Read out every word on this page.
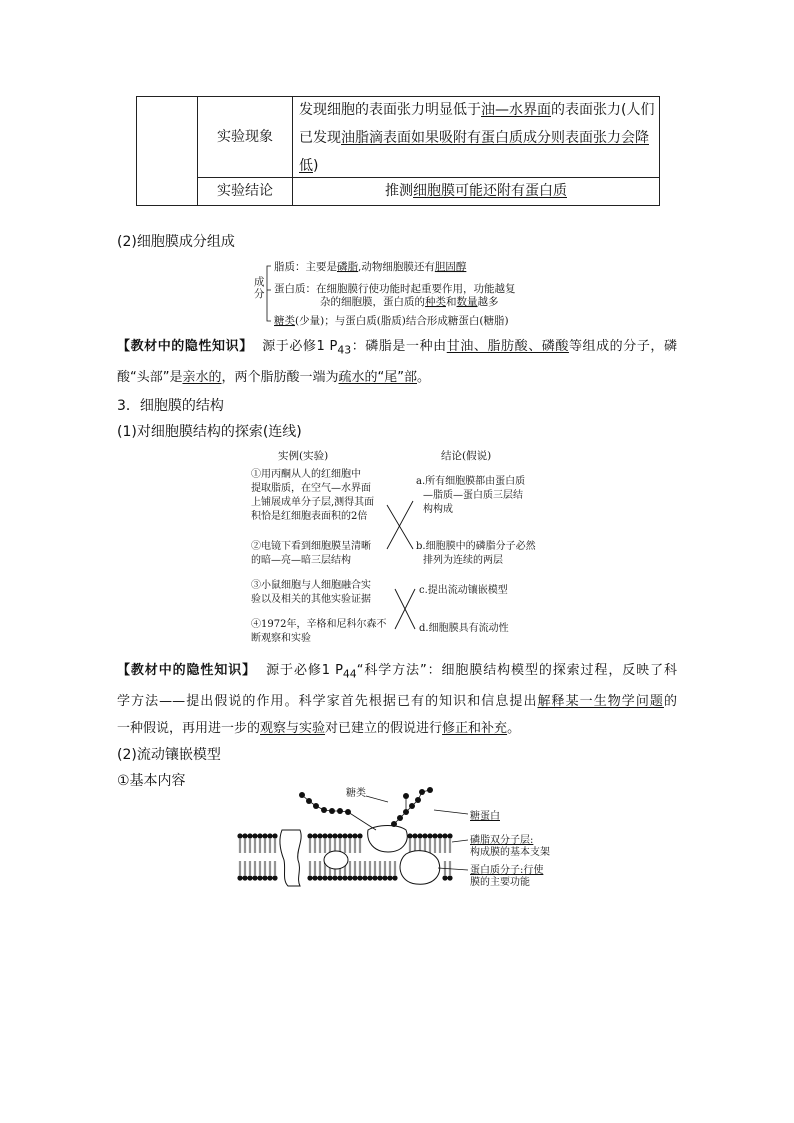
实验现象
发现细胞的表面张力明显低于油—水界面的表面张力(人们
已发现油脂滴表面如果吸附有蛋白质成分则表面张力会降
低)
实验结论	推测细胞膜可能还附有蛋白质
(2)细胞膜成分组成
成
分
脂质：主要是磷脂,动物细胞膜还有胆固醇
蛋白质：在细胞膜行使功能时起重要作用，功能越复
杂的细胞膜，蛋白质的种类和数量越多
糖类(少量)；与蛋白质(脂质)结合形成糖蛋白(糖脂)
【教材中的隐性知识】 源于必修1 $P_{43}$：磷脂是一种由甘油、脂肪酸、磷酸等组成的分子，磷
酸“头部”是亲水的，两个脂肪酸一端为疏水的“尾”部。
3．细胞膜的结构
(1)对细胞膜结构的探索(连线)
实例(实验)	结论(假说)
①用丙酮从人的红细胞中
提取脂质，在空气—水界面
上铺展成单分子层,测得其面
积恰是红细胞表面积的2倍
②电镜下看到细胞膜呈清晰
的暗—亮—暗三层结构
③小鼠细胞与人细胞融合实
验以及相关的其他实验证据
④1972年，辛格和尼科尔森不
断观察和实验
a.所有细胞膜都由蛋白质
—脂质—蛋白质三层结
构构成
b.细胞膜中的磷脂分子必然
排列为连续的两层
c.提出流动镶嵌模型
d.细胞膜具有流动性
【教材中的隐性知识】 源于必修1 $P_{44}“$科学方法”：细胞膜结构模型的探索过程，反映了科
学方法——提出假说的作用。科学家首先根据已有的知识和信息提出解释某一生物学问题的
一种假说，再用进一步的观察与实验对已建立的假说进行修正和补充。
(2)流动镶嵌模型
①基本内容
糖类
糖蛋白
磷脂双分子层:
构成膜的基本支架
蛋白质分子:行使
膜的主要功能
